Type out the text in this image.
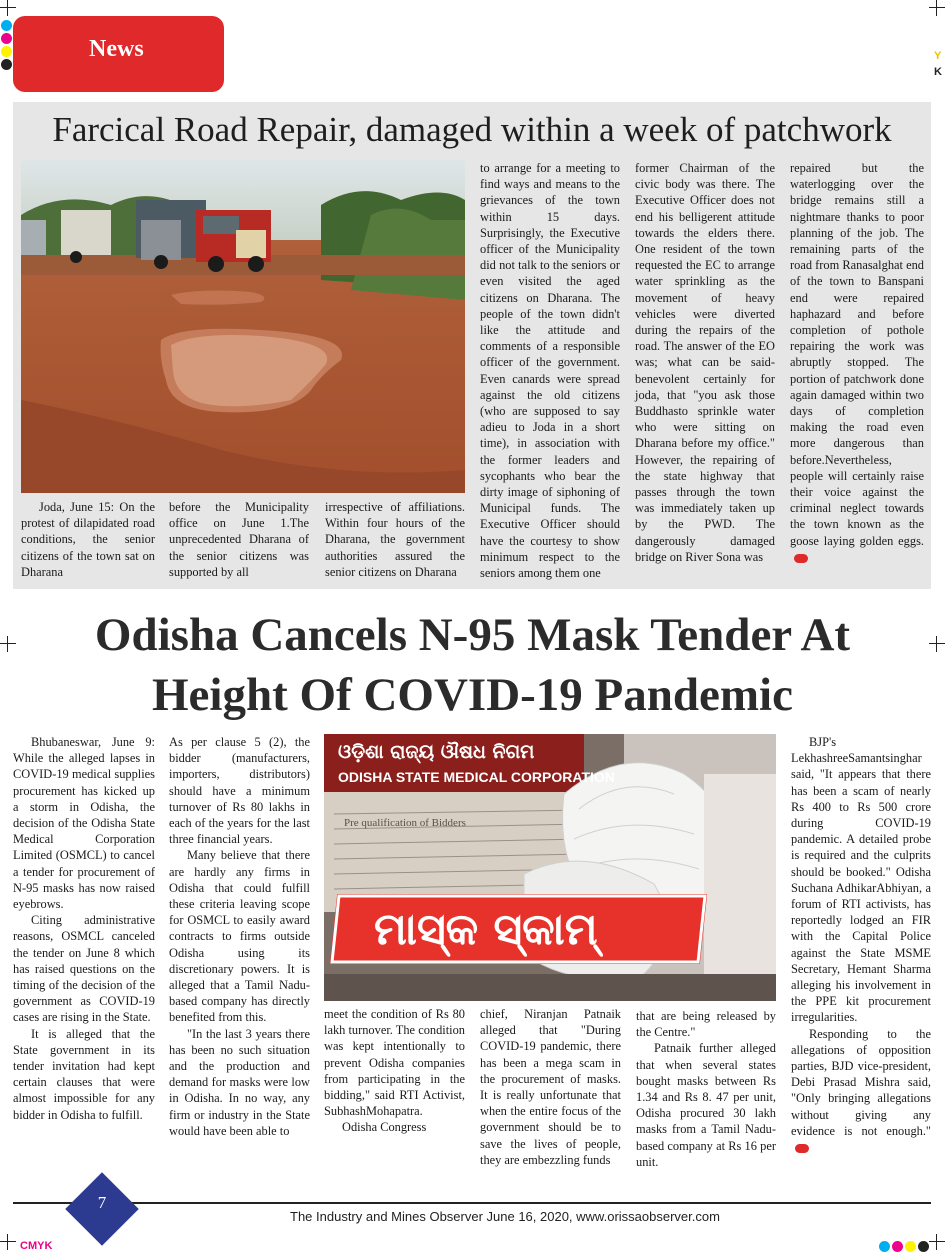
Y
K
CMYK
News
Farcical Road Repair, damaged within a week of patchwork

Joda, June 15: On the protest of dilapidated road conditions, the senior citizens of the town sat on Dharana

before the Municipality office on June 1.The unprecedented Dharana of the senior citizens was supported by all

irrespective of affiliations. Within four hours of the Dharana, the government authorities assured the senior citizens on Dharana

to arrange for a meeting to find ways and means to the grievances of the town within 15 days. Surprisingly, the Executive officer of the Municipality did not talk to the seniors or even visited the aged citizens on Dharana. The people of the town didn't like the attitude and comments of a responsible officer of the government. Even canards were spread against the old citizens (who are supposed to say adieu to Joda in a short time), in association with the former leaders and sycophants who bear the dirty image of siphoning of Municipal funds. The Executive Officer should have the courtesy to show minimum respect to the seniors among them one

former Chairman of the civic body was there. The Executive Officer does not end his belligerent attitude towards the elders there. One resident of the town requested the EC to arrange water sprinkling as the movement of heavy vehicles were diverted during the repairs of the road. The answer of the EO was; what can be said-benevolent certainly for joda, that "you ask those Buddhasto sprinkle water who were sitting on Dharana before my office." However, the repairing of the state highway that passes through the town was immediately taken up by the PWD. The dangerously damaged bridge on River Sona was

repaired but the waterlogging over the bridge remains still a nightmare thanks to poor planning of the job. The remaining parts of the road from Ranasalghat end of the town to Banspani end were repaired haphazard and before completion of pothole repairing the work was abruptly stopped. The portion of patchwork done again damaged within two days of completion making the road even more dangerous than before.Nevertheless, people will certainly raise their voice against the criminal neglect towards the town known as the goose laying golden eggs.

Odisha Cancels N-95 Mask Tender At
Height Of COVID-19 Pandemic

Bhubaneswar, June 9: While the alleged lapses in COVID-19 medical supplies procurement has kicked up a storm in Odisha, the decision of the Odisha State Medical Corporation Limited (OSMCL) to cancel a tender for procurement of N-95 masks has now raised eyebrows.

Citing administrative reasons, OSMCL canceled the tender on June 8 which has raised questions on the timing of the decision of the government as COVID-19 cases are rising in the State.

It is alleged that the State government in its tender invitation had kept certain clauses that were almost impossible for any bidder in Odisha to fulfill.

As per clause 5 (2), the bidder (manufacturers, importers, distributors) should have a minimum turnover of Rs 80 lakhs in each of the years for the last three financial years.

Many believe that there are hardly any firms in Odisha that could fulfill these criteria leaving scope for OSMCL to easily award contracts to firms outside Odisha using its discretionary powers. It is alleged that a Tamil Nadu-based company has directly benefited from this.

"In the last 3 years there has been no such situation and the production and demand for masks were low in Odisha. In no way, any firm or industry in the State would have been able to

ଓଡ଼ିଶା ରାଜ୍ୟ ଔଷଧ ନିଗମ
ODISHA STATE MEDICAL CORPORATION
Pre qualification of Bidders
ମାସ୍କ ସ୍କାମ୍

meet the condition of Rs 80 lakh turnover. The condition was kept intentionally to prevent Odisha companies from participating in the bidding," said RTI Activist, SubhashMohapatra.

Odisha Congress

chief, Niranjan Patnaik alleged that "During COVID-19 pandemic, there has been a mega scam in the procurement of masks. It is really unfortunate that when the entire focus of the government should be to save the lives of people, they are embezzling funds

that are being released by the Centre."

Patnaik further alleged that when several states bought masks between Rs 1.34 and Rs 8. 47 per unit, Odisha procured 30 lakh masks from a Tamil Nadu-based company at Rs 16 per unit.

BJP's LekhashreeSamantsinghar said, "It appears that there has been a scam of nearly Rs 400 to Rs 500 crore during COVID-19 pandemic. A detailed probe is required and the culprits should be booked." Odisha Suchana AdhikarAbhiyan, a forum of RTI activists, has reportedly lodged an FIR with the Capital Police against the State MSME Secretary, Hemant Sharma alleging his involvement in the PPE kit procurement irregularities.

Responding to the allegations of opposition parties, BJD vice-president, Debi Prasad Mishra said, "Only bringing allegations without giving any evidence is not enough."

7
The Industry and Mines Observer June 16, 2020, www.orissaobserver.com
